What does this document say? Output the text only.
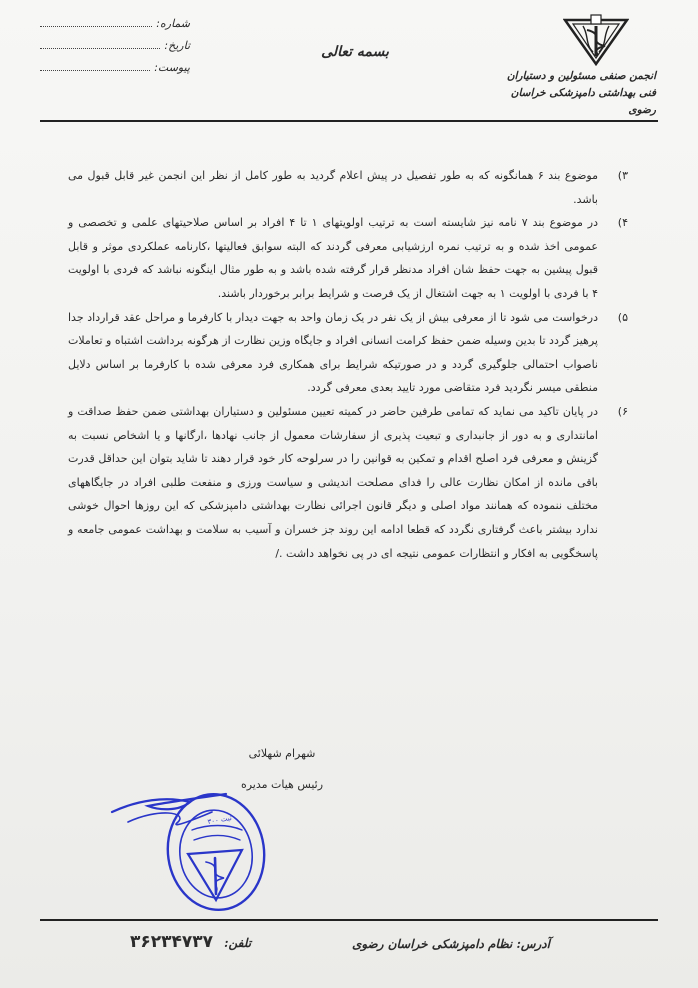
شماره:
تاریخ:
پیوست:
بسمه تعالی
انجمن صنفی مسئولین و دستیاران
فنی بهداشتی دامپزشکی خراسان رضوی
۳)
موضوع بند ۶ همانگونه که به طور تفصیل در پیش اعلام گردید به طور کامل از نظر این انجمن غیر قابل قبول می باشد.
۴)
در موضوع بند ۷ نامه نیز شایسته است به ترتیب اولویتهای ۱ تا ۴ افراد بر اساس صلاحیتهای علمی و تخصصی و عمومی اخذ شده و به ترتیب نمره ارزشیابی معرفی گردند که البته سوابق فعالیتها ،کارنامه عملکردی موثر و قابل قبول پیشین به جهت حفظ شان افراد مدنظر قرار گرفته شده باشد و به طور مثال اینگونه نباشد که فردی با اولویت ۴ با فردی با اولویت ۱ به جهت اشتغال از یک فرصت و شرایط برابر برخوردار باشند.
۵)
درخواست می شود تا از معرفی بیش از یک نفر در یک زمان واحد به جهت دیدار با کارفرما و مراحل عقد قرارداد جدا پرهیز گردد تا بدین وسیله ضمن حفظ کرامت انسانی افراد و جایگاه وزین نظارت از هرگونه برداشت اشتباه و تعاملات ناصواب احتمالی جلوگیری گردد و در صورتیکه شرایط برای همکاری فرد معرفی شده با کارفرما بر اساس دلایل منطقی میسر نگردید فرد متقاضی مورد تایید بعدی معرفی گردد.
۶)
در پایان تاکید می نماید که تمامی طرفین حاضر در کمیته تعیین مسئولین و دستیاران بهداشتی ضمن حفظ صداقت و امانتداری و به دور از جانبداری و تبعیت پذیری از سفارشات معمول از جانب نهادها ،ارگانها و یا اشخاص نسبت به گزینش و معرفی فرد اصلح اقدام و تمکین به قوانین را در سرلوحه کار خود قرار دهند تا شاید بتوان این حداقل قدرت باقی مانده از امکان نظارت عالی را فدای مصلحت اندیشی و سیاست ورزی و منفعت طلبی افراد در جایگاههای مختلف ننموده که همانند مواد اصلی و دیگر قانون اجرائی نظارت بهداشتی دامپزشکی که این روزها احوال خوشی ندارد بیشتر باعث گرفتاری نگردد که قطعا ادامه این روند جز خسران و آسیب به سلامت و بهداشت عمومی جامعه و پاسخگویی به افکار و انتظارات عمومی نتیجه ای در پی نخواهد داشت ./
شهرام شهلائی
رئیس هیات مدیره
ثبت ۳۰۰
آدرس: نظام دامپزشکی خراسان رضوی
تلفن: ۳۶۲۳۴۷۳۷
